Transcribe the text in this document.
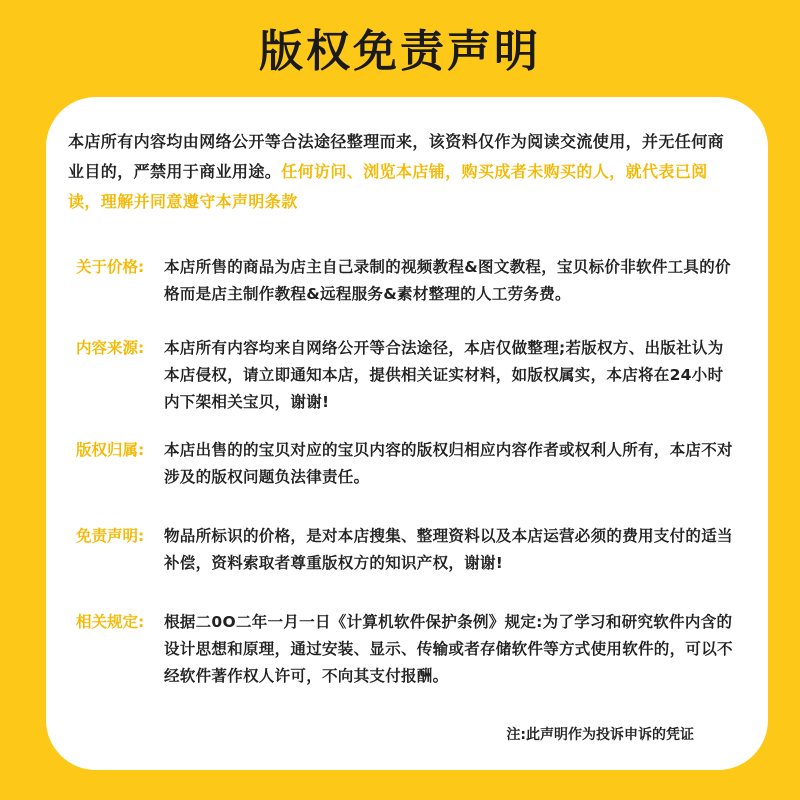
版权免责声明
本店所有内容均由网络公开等合法途径整理而来，该资料仅作为阅读交流使用，并无任何商业目的，严禁用于商业用途。任何访问、浏览本店铺，购买成者未购买的人，就代表已阅读，理解并同意遵守本声明条款
关于价格:	本店所售的商品为店主自己录制的视频教程&图文教程，宝贝标价非软件工具的价格而是店主制作教程&远程服务&素材整理的人工劳务费。
内容来源:	本店所有内容均来自网络公开等合法途径，本店仅做整理;若版权方、出版社认为本店侵权，请立即通知本店，提供相关证实材料，如版权属实，本店将在24小时内下架相关宝贝，谢谢!
版权归属:	本店出售的的宝贝对应的宝贝内容的版权归相应内容作者或权利人所有，本店不对涉及的版权问题负法律责任。
免责声明:	物品所标识的价格，是对本店搜集、整理资料以及本店运营必须的费用支付的适当补偿，资料索取者尊重版权方的知识产权，谢谢!
相关规定:	根据二0O二年一月一日《计算机软件保护条例》规定:为了学习和研究软件内含的设计思想和原理，通过安装、显示、传输或者存储软件等方式使用软件的，可以不经软件著作权人许可，不向其支付报酬。
注:此声明作为投诉申诉的凭证
